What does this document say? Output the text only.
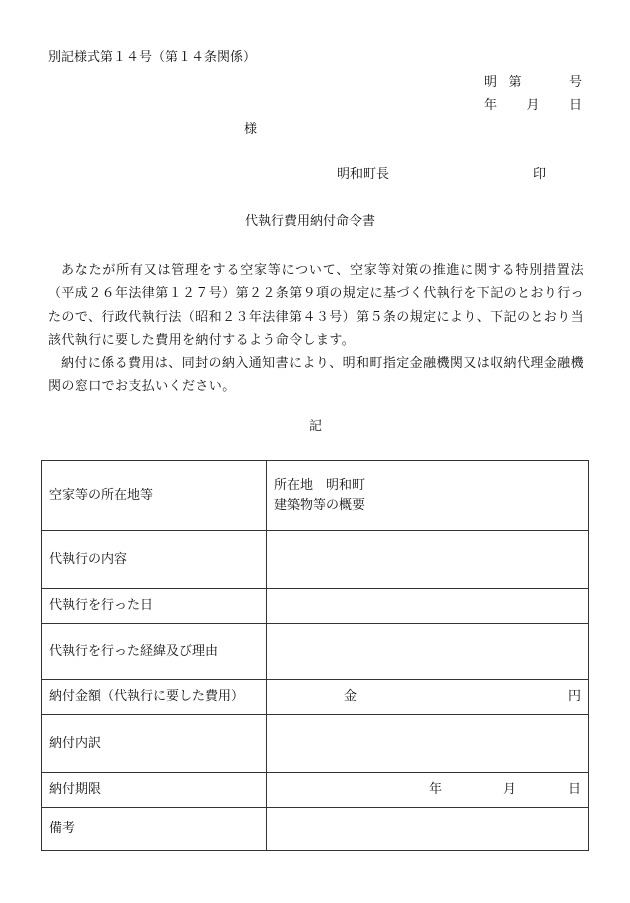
別記様式第１４号（第１４条関係）
明 第	号
年 月 日
様
明和町長	印
代執行費用納付命令書

あなたが所有又は管理をする空家等について、空家等対策の推進に関する特別措置法（平成２６年法律第１２７号）第２２条第９項の規定に基づく代執行を下記のとおり行ったので、行政代執行法（昭和２３年法律第４３号）第５条の規定により、下記のとおり当該代執行に要した費用を納付するよう命令します。

納付に係る費用は、同封の納入通知書により、明和町指定金融機関又は収納代理金融機関の窓口でお支払いください。

記
空家等の所在地等	所在地　明和町
建築物等の概要

代執行の内容	
代執行を行った日	
代執行を行った経緯及び理由	
納付金額（代執行に要した費用）	金 円

納付内訳	
納付期限	年 月 日

備考	
